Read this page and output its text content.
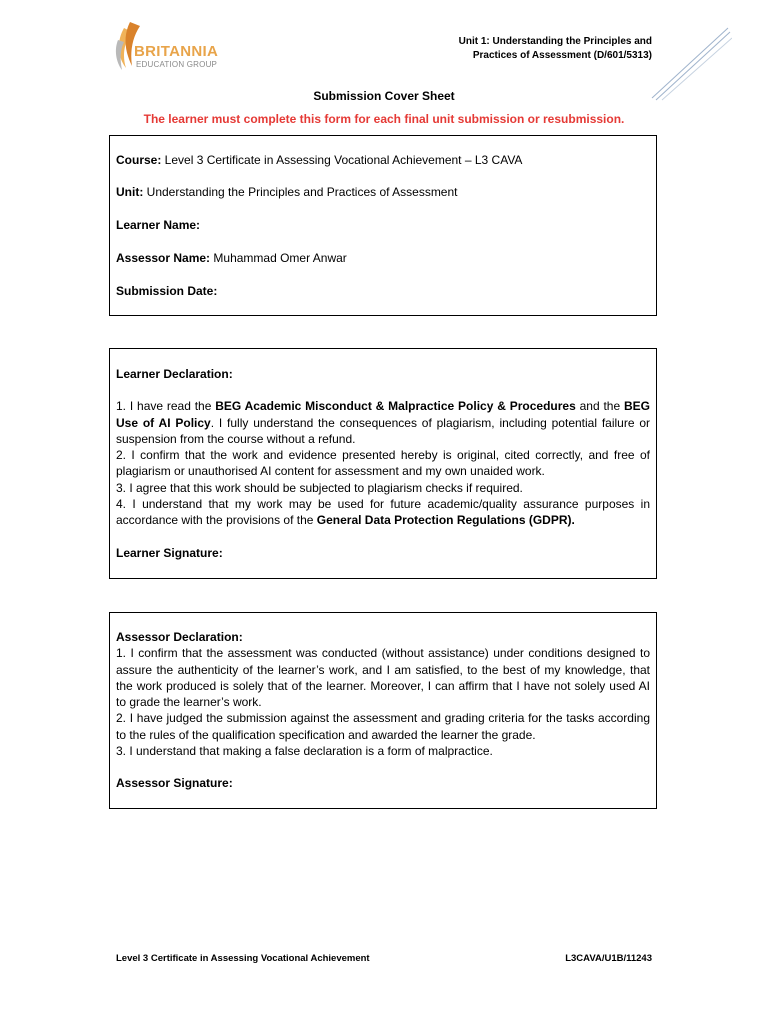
BRITANNIA
EDUCATION GROUP
Unit 1: Understanding the Principles and
Practices of Assessment (D/601/5313)
Submission Cover Sheet
The learner must complete this form for each final unit submission or resubmission.
Course: Level 3 Certificate in Assessing Vocational Achievement – L3 CAVA
Unit: Understanding the Principles and Practices of Assessment
Learner Name:
Assessor Name: Muhammad Omer Anwar
Submission Date:
Learner Declaration:
1. I have read the BEG Academic Misconduct & Malpractice Policy & Procedures and the BEG Use of AI Policy. I fully understand the consequences of plagiarism, including potential failure or suspension from the course without a refund.
2. I confirm that the work and evidence presented hereby is original, cited correctly, and free of plagiarism or unauthorised AI content for assessment and my own unaided work.
3. I agree that this work should be subjected to plagiarism checks if required.
4. I understand that my work may be used for future academic/quality assurance purposes in accordance with the provisions of the General Data Protection Regulations (GDPR).
Learner Signature:
Assessor Declaration:
1. I confirm that the assessment was conducted (without assistance) under conditions designed to assure the authenticity of the learner’s work, and I am satisfied, to the best of my knowledge, that the work produced is solely that of the learner. Moreover, I can affirm that I have not solely used AI to grade the learner’s work.
2. I have judged the submission against the assessment and grading criteria for the tasks according to the rules of the qualification specification and awarded the learner the grade.
3. I understand that making a false declaration is a form of malpractice.
Assessor Signature:
Level 3 Certificate in Assessing Vocational Achievement	L3CAVA/U1B/11243
